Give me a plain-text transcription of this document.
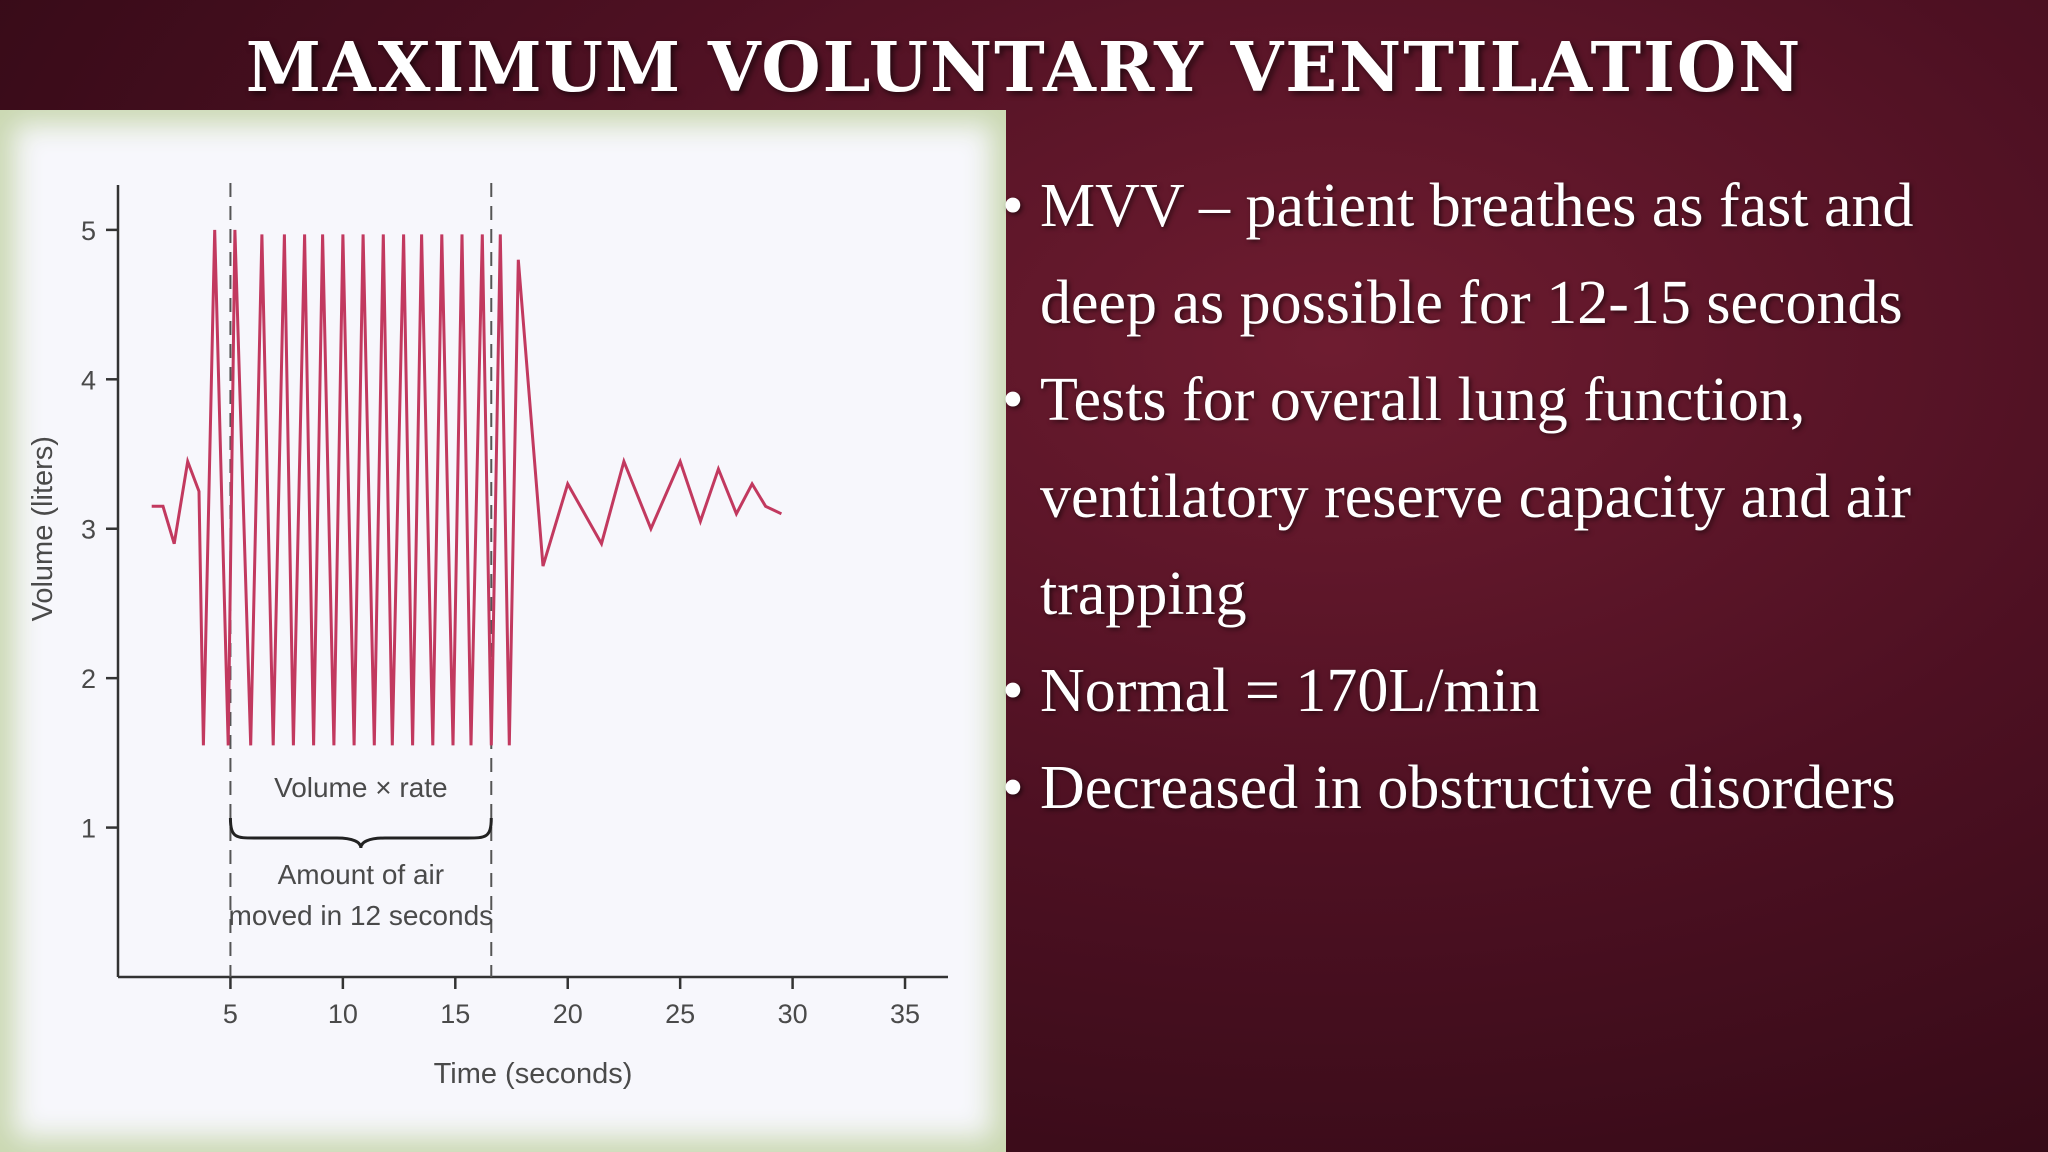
MAXIMUM VOLUNTARY VENTILATION
1
2
3
4
5
5	10	15	20	25	30	35
Volume × rate
Amount of air
moved in 12 seconds
Time (seconds)
Volume (liters)
• MVV – patient breathes as fast and deep as possible for 12-15 seconds
• Tests for overall lung function, ventilatory reserve capacity and air trapping
• Normal = 170L/min
• Decreased in obstructive disorders
